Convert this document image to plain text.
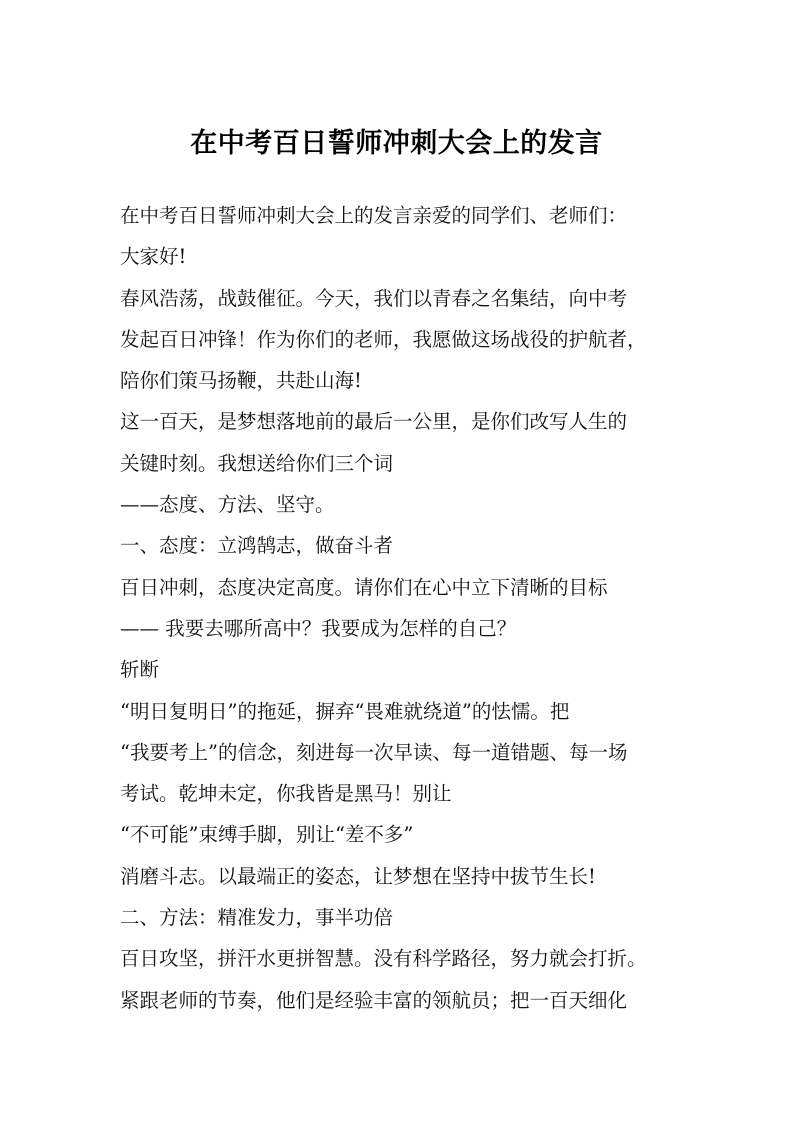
在中考百日誓师冲刺大会上的发言
在中考百日誓师冲刺大会上的发言亲爱的同学们、老师们：
大家好!
春风浩荡，战鼓催征。今天，我们以青春之名集结，向中考
发起百日冲锋！作为你们的老师，我愿做这场战役的护航者，
陪你们策马扬鞭，共赴山海!
这一百天，是梦想落地前的最后一公里，是你们改写人生的
关键时刻。我想送给你们三个词
——态度、方法、坚守。
一、态度：立鸿鹄志，做奋斗者
百日冲刺，态度决定高度。请你们在心中立下清晰的目标
—— 我要去哪所高中？我要成为怎样的自己？
斩断
“明日复明日”的拖延，摒弃“畏难就绕道”的怯懦。把
“我要考上”的信念，刻进每一次早读、每一道错题、每一场
考试。乾坤未定，你我皆是黑马！别让
“不可能”束缚手脚，别让“差不多”
消磨斗志。以最端正的姿态，让梦想在坚持中拔节生长!
二、方法：精准发力，事半功倍
百日攻坚，拼汗水更拼智慧。没有科学路径，努力就会打折。
紧跟老师的节奏，他们是经验丰富的领航员；把一百天细化
